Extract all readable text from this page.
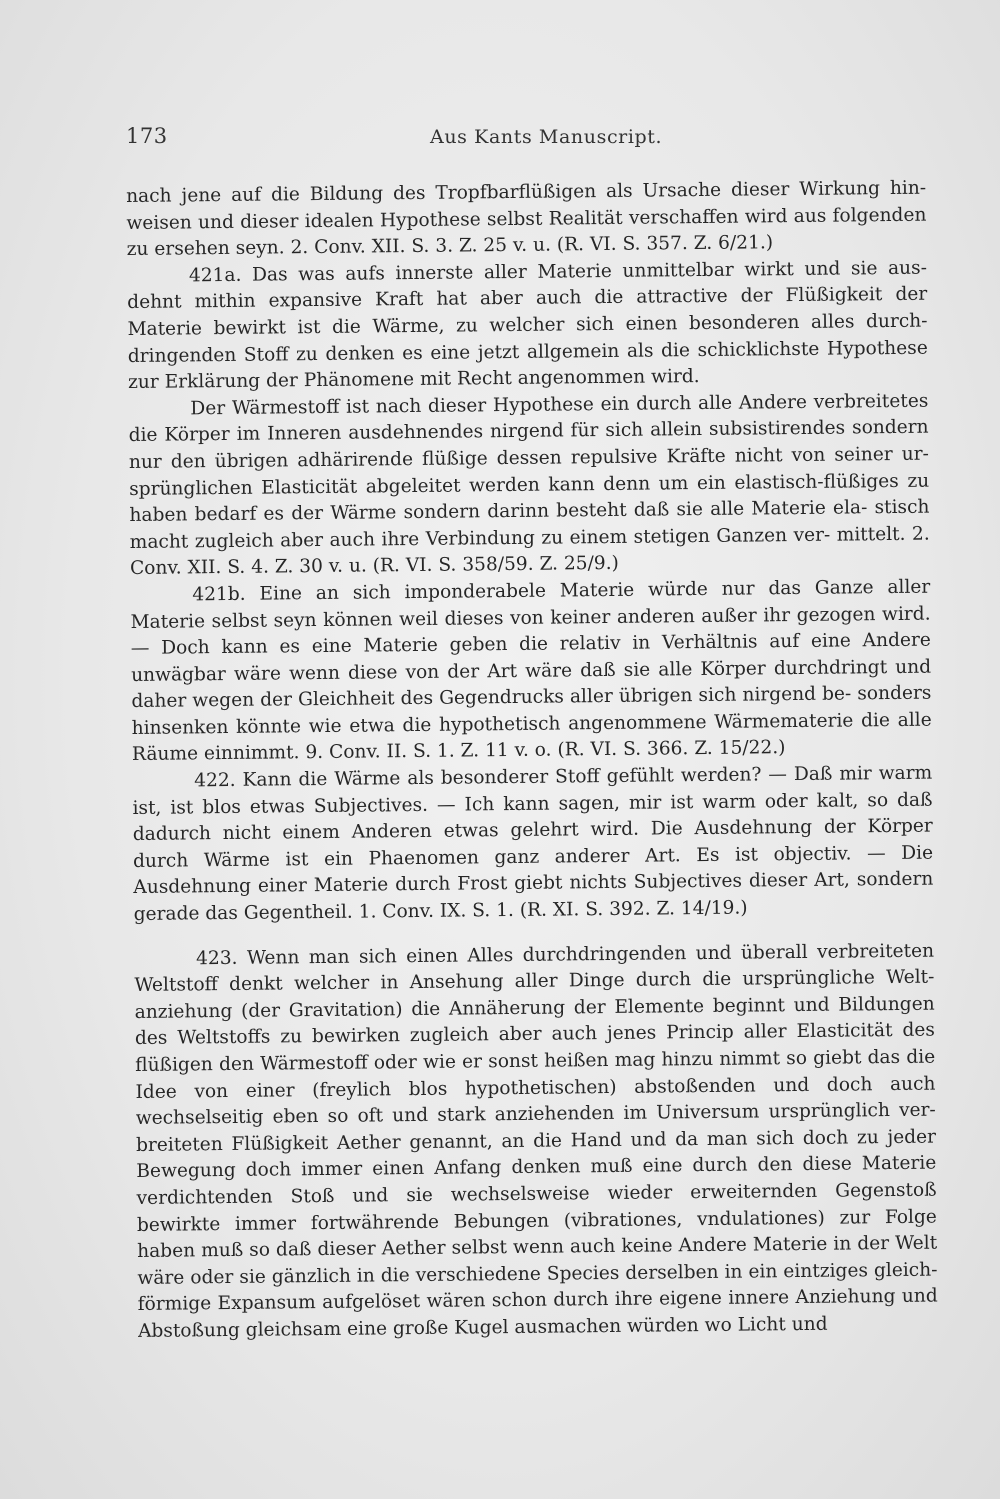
173	Aus Kants Manuscript.

nach jene auf die Bildung des Tropfbarflüßigen als Ursache dieser Wirkung hin- weisen und dieser idealen Hypothese selbst Realität verschaffen wird aus folgenden zu ersehen seyn. 2. Conv. XII. S. 3. Z. 25 v. u. (R. VI. S. 357. Z. 6/21.)

421a. Das was aufs innerste aller Materie unmittelbar wirkt und sie aus- dehnt mithin expansive Kraft hat aber auch die attractive der Flüßigkeit der Materie bewirkt ist die Wärme, zu welcher sich einen besonderen alles durch- dringenden Stoff zu denken es eine jetzt allgemein als die schicklichste Hypothese zur Erklärung der Phänomene mit Recht angenommen wird.

Der Wärmestoff ist nach dieser Hypothese ein durch alle Andere verbreitetes die Körper im Inneren ausdehnendes nirgend für sich allein subsistirendes sondern nur den übrigen adhärirende flüßige dessen repulsive Kräfte nicht von seiner ur- sprünglichen Elasticität abgeleitet werden kann denn um ein elastisch-flüßiges zu haben bedarf es der Wärme sondern darinn besteht daß sie alle Materie ela- stisch macht zugleich aber auch ihre Verbindung zu einem stetigen Ganzen ver- mittelt. 2. Conv. XII. S. 4. Z. 30 v. u. (R. VI. S. 358/59. Z. 25/9.)

421b. Eine an sich imponderabele Materie würde nur das Ganze aller Materie selbst seyn können weil dieses von keiner anderen außer ihr gezogen wird. — Doch kann es eine Materie geben die relativ in Verhältnis auf eine Andere unwägbar wäre wenn diese von der Art wäre daß sie alle Körper durchdringt und daher wegen der Gleichheit des Gegendrucks aller übrigen sich nirgend be- sonders hinsenken könnte wie etwa die hypothetisch angenommene Wärmematerie die alle Räume einnimmt. 9. Conv. II. S. 1. Z. 11 v. o. (R. VI. S. 366. Z. 15/22.)

422. Kann die Wärme als besonderer Stoff gefühlt werden? — Daß mir warm ist, ist blos etwas Subjectives. — Ich kann sagen, mir ist warm oder kalt, so daß dadurch nicht einem Anderen etwas gelehrt wird. Die Ausdehnung der Körper durch Wärme ist ein Phaenomen ganz anderer Art. Es ist objectiv. — Die Ausdehnung einer Materie durch Frost giebt nichts Subjectives dieser Art, sondern gerade das Gegentheil. 1. Conv. IX. S. 1. (R. XI. S. 392. Z. 14/19.)

423. Wenn man sich einen Alles durchdringenden und überall verbreiteten Weltstoff denkt welcher in Ansehung aller Dinge durch die ursprüngliche Welt- anziehung (der Gravitation) die Annäherung der Elemente beginnt und Bildungen des Weltstoffs zu bewirken zugleich aber auch jenes Princip aller Elasticität des flüßigen den Wärmestoff oder wie er sonst heißen mag hinzu nimmt so giebt das die Idee von einer (freylich blos hypothetischen) abstoßenden und doch auch wechselseitig eben so oft und stark anziehenden im Universum ursprünglich ver- breiteten Flüßigkeit Aether genannt, an die Hand und da man sich doch zu jeder Bewegung doch immer einen Anfang denken muß eine durch den diese Materie verdichtenden Stoß und sie wechselsweise wieder erweiternden Gegenstoß bewirkte immer fortwährende Bebungen (vibrationes, vndulationes) zur Folge haben muß so daß dieser Aether selbst wenn auch keine Andere Materie in der Welt wäre oder sie gänzlich in die verschiedene Species derselben in ein eintziges gleich- förmige Expansum aufgelöset wären schon durch ihre eigene innere Anziehung und Abstoßung gleichsam eine große Kugel ausmachen würden wo Licht und
